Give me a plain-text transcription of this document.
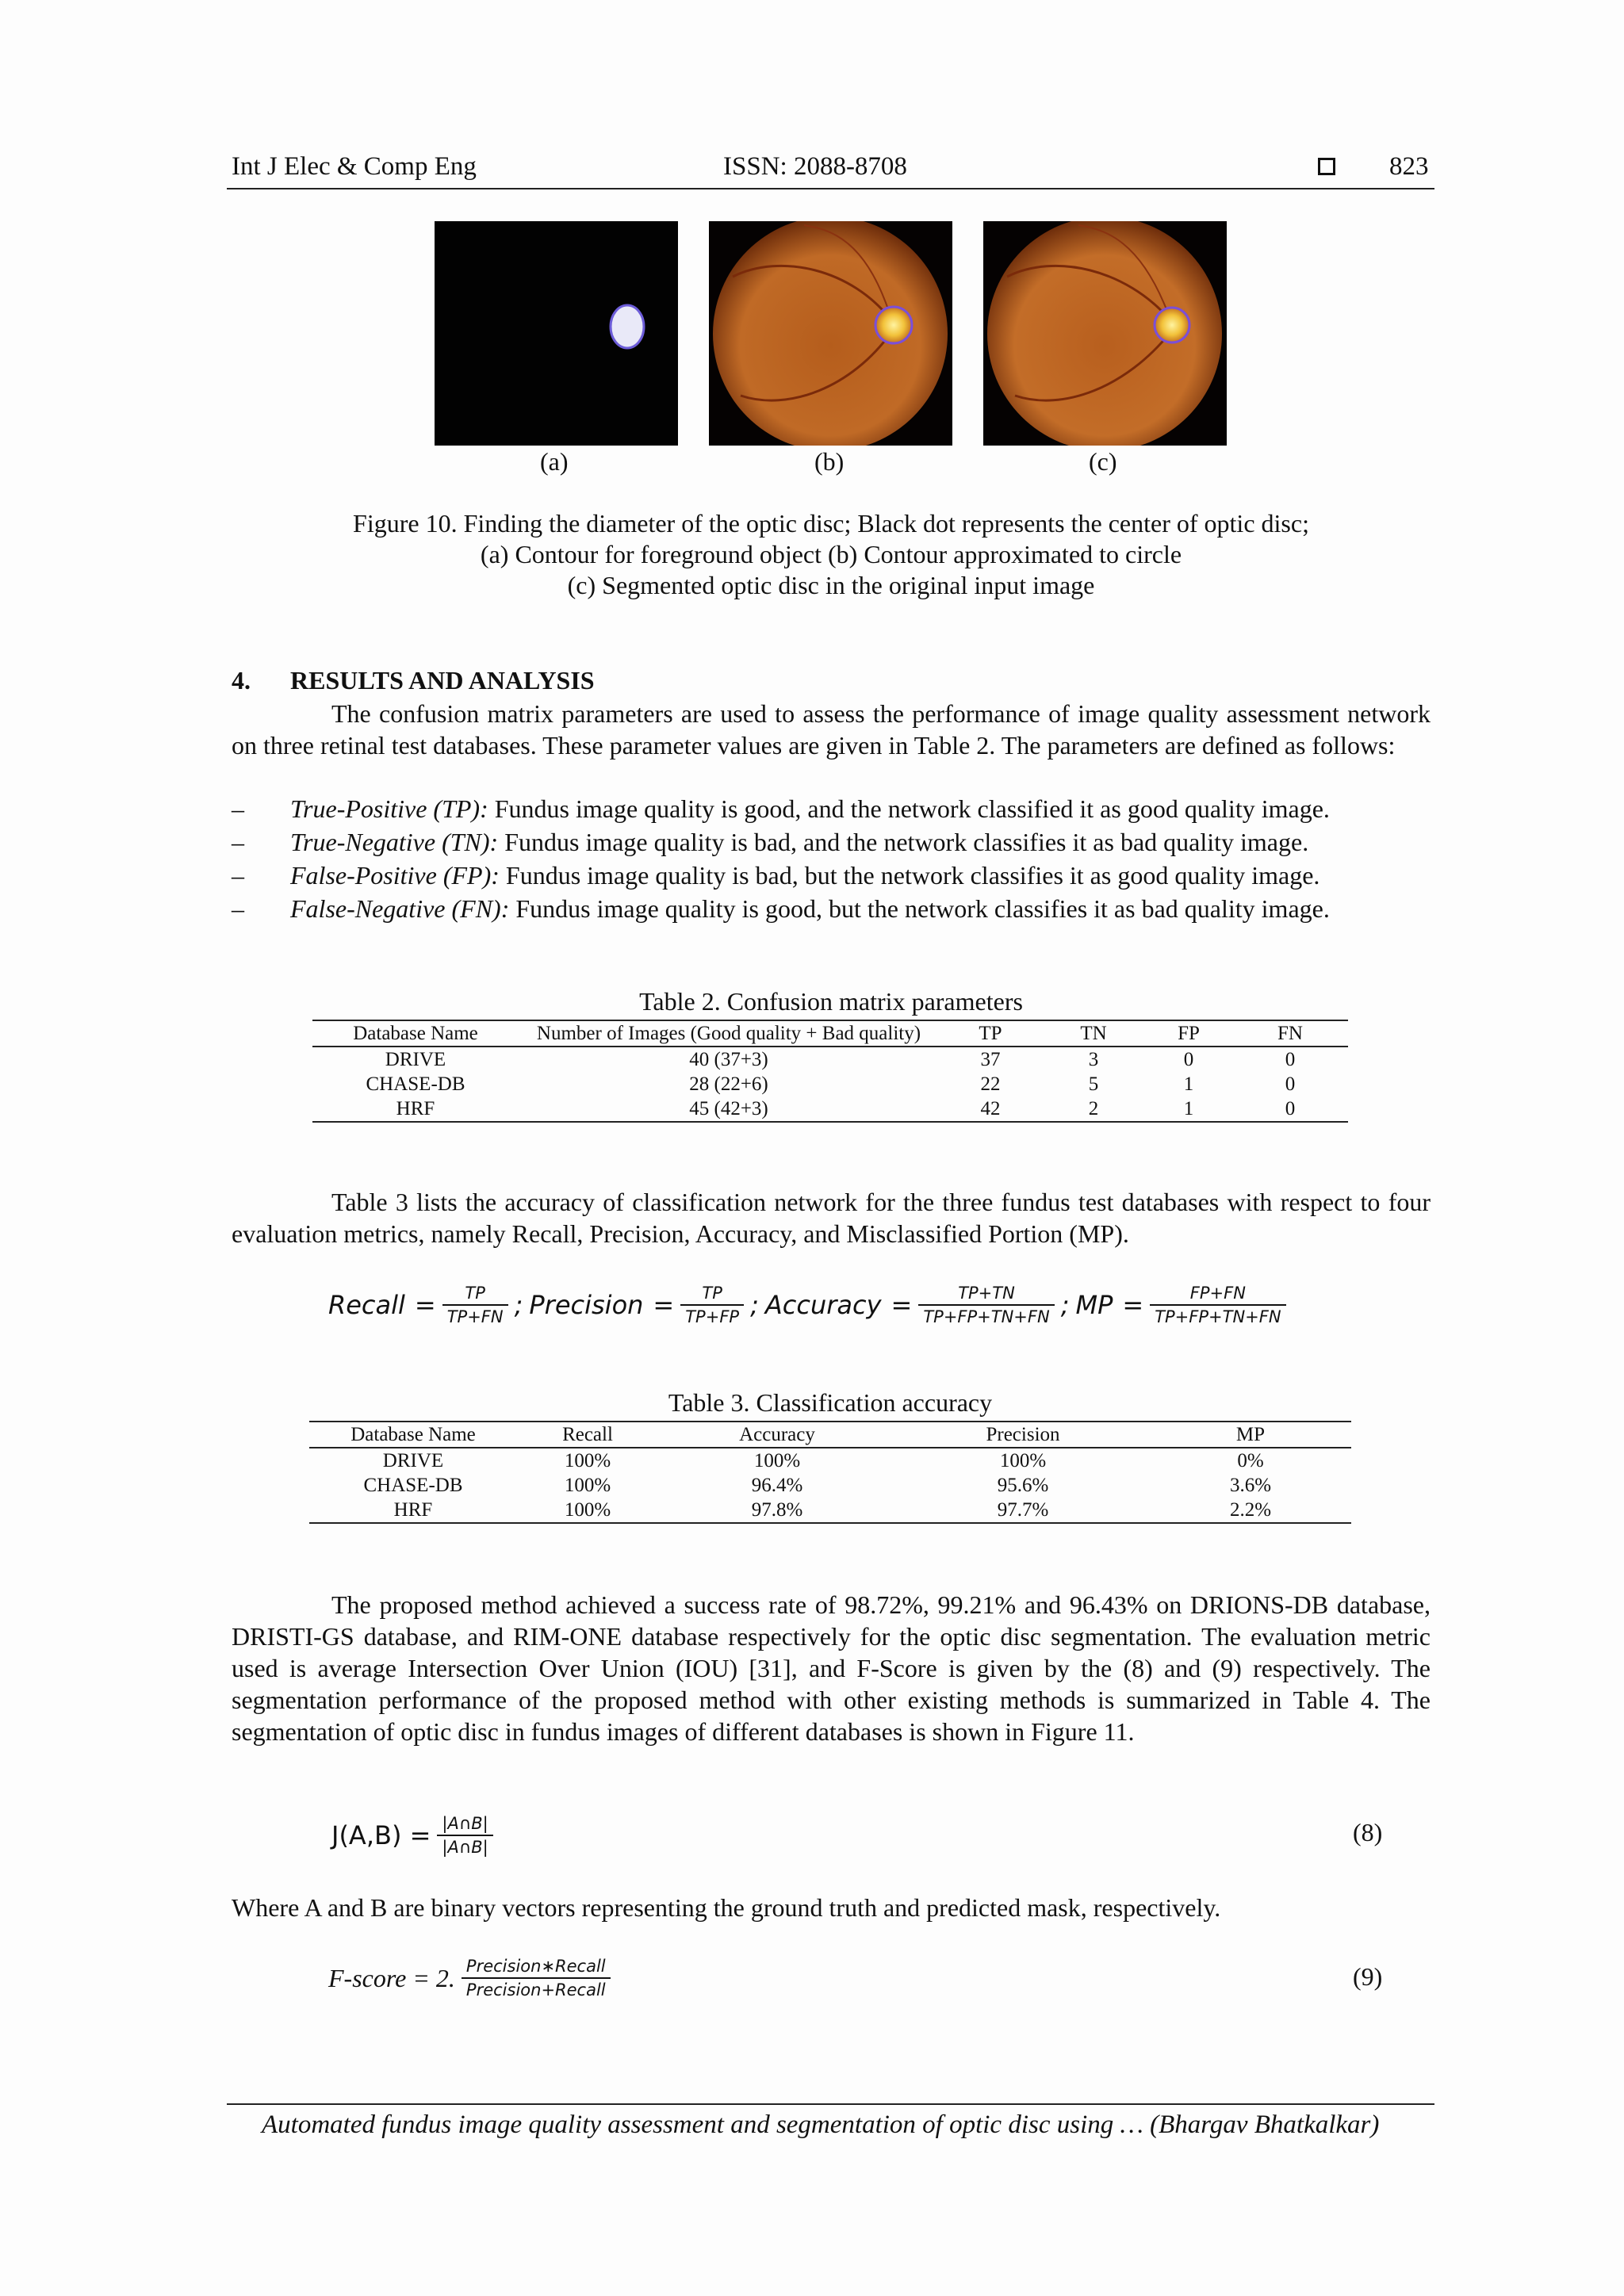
Int J Elec & Comp Eng	ISSN: 2088-8708	823
(a)	(b)	(c)
Figure 10. Finding the diameter of the optic disc; Black dot represents the center of optic disc;
(a) Contour for foreground object (b) Contour approximated to circle
(c) Segmented optic disc in the original input image
4. RESULTS AND ANALYSIS
The confusion matrix parameters are used to assess the performance of image quality assessment network on three retinal test databases. These parameter values are given in Table 2. The parameters are defined as follows:
– True-Positive (TP): Fundus image quality is good, and the network classified it as good quality image.
– True-Negative (TN): Fundus image quality is bad, and the network classifies it as bad quality image.
– False-Positive (FP): Fundus image quality is bad, but the network classifies it as good quality image.
– False-Negative (FN): Fundus image quality is good, but the network classifies it as bad quality image.
Table 2. Confusion matrix parameters
Database Name	Number of Images (Good quality + Bad quality)	TP	TN	FP	FN
DRIVE	40 (37+3)	37	3	0	0
CHASE-DB	28 (22+6)	22	5	1	0
HRF	45 (42+3)	42	2	1	0
Table 3 lists the accuracy of classification network for the three fundus test databases with respect to four evaluation metrics, namely Recall, Precision, Accuracy, and Misclassified Portion (MP).
Recall = $\frac{TP}{TP+FN}$ ; Precision = $\frac{TP}{TP+FP}$ ; Accuracy = $\frac{TP+TN}{TP+FP+TN+FN}$ ; MP = $\frac{FP+FN}{TP+FP+TN+FN}$
Table 3. Classification accuracy
Database Name	Recall	Accuracy	Precision	MP
DRIVE	100%	100%	100%	0%
CHASE-DB	100%	96.4%	95.6%	3.6%
HRF	100%	97.8%	97.7%	2.2%
The proposed method achieved a success rate of 98.72%, 99.21% and 96.43% on DRIONS-DB database, DRISTI-GS database, and RIM-ONE database respectively for the optic disc segmentation. The evaluation metric used is average Intersection Over Union (IOU) [31], and F-Score is given by the (8) and (9) respectively. The segmentation performance of the proposed method with other existing methods is summarized in Table 4. The segmentation of optic disc in fundus images of different databases is shown in Figure 11.
$J(A,B) = \frac{|A\cap B|}{|A\cap B|}$	(8)
Where A and B are binary vectors representing the ground truth and predicted mask, respectively.
F-score = 2. $\frac{\text{Precision∗Recall}}{\text{Precision+Recall}}$	(9)
Automated fundus image quality assessment and segmentation of optic disc using … (Bhargav Bhatkalkar)
